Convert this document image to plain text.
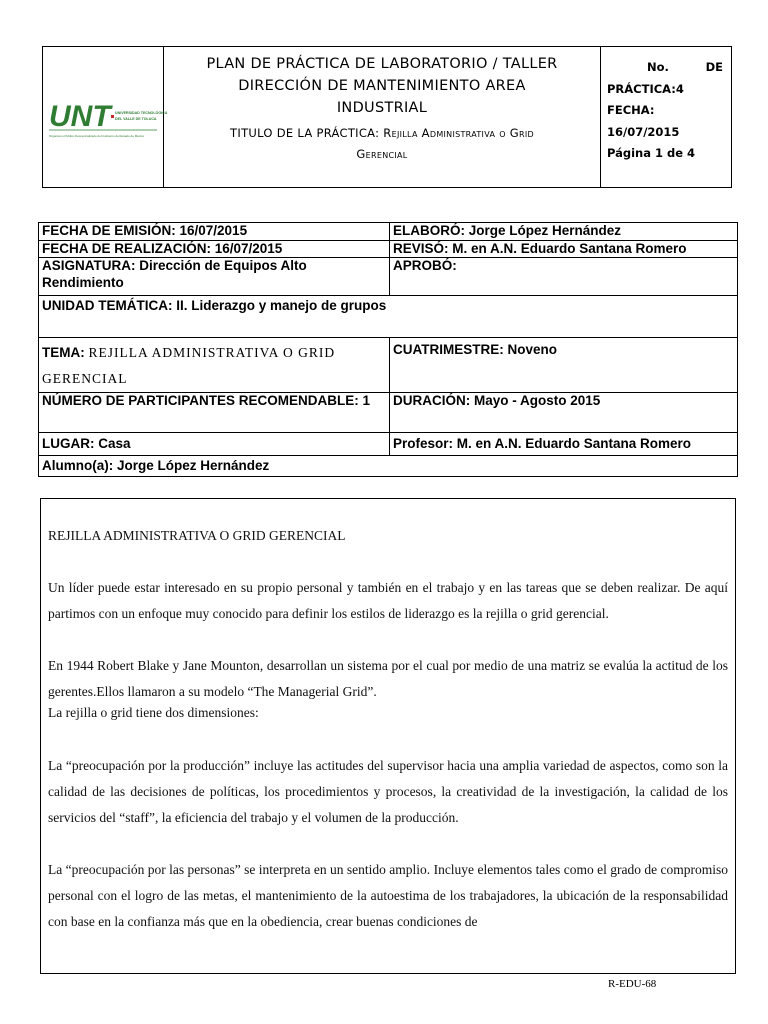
UNT	UNIVERSIDAD TECNOLÓGICA
DEL VALLE DE TOLUCA
Organismo Público Descentralizado del Gobierno del Estado de México
PLAN DE PRÁCTICA DE LABORATORIO / TALLER
DIRECCIÓN DE MANTENIMIENTO AREA
INDUSTRIAL
TITULO DE LA PRÁCTICA: Rejilla Administrativa o Grid
Gerencial
No.	DE
PRÁCTICA:4
FECHA:
16/07/2015
Página 1 de 4
FECHA DE EMISIÓN: 16/07/2015	ELABORÓ: Jorge López Hernández
FECHA DE REALIZACIÓN: 16/07/2015	REVISÓ: M. en A.N. Eduardo Santana Romero
ASIGNATURA: Dirección de Equipos Alto Rendimiento	APROBÓ:
UNIDAD TEMÁTICA: II. Liderazgo y manejo de grupos	
TEMA: REJILLA ADMINISTRATIVA O GRID GERENCIAL	CUATRIMESTRE: Noveno
NÚMERO DE PARTICIPANTES RECOMENDABLE: 1	DURACIÓN: Mayo - Agosto 2015
LUGAR: Casa	Profesor: M. en A.N. Eduardo Santana Romero
Alumno(a): Jorge López Hernández	
REJILLA ADMINISTRATIVA O GRID GERENCIAL

Un líder puede estar interesado en su propio personal y también en el trabajo y en las tareas que se deben realizar. De aquí partimos con un enfoque muy conocido para definir los estilos de liderazgo es la rejilla o grid gerencial.

En 1944 Robert Blake y Jane Mounton, desarrollan un sistema por el cual por medio de una matriz se evalúa la actitud de los gerentes.Ellos llamaron a su modelo “The Managerial Grid”.

La rejilla o grid tiene dos dimensiones:

La “preocupación por la producción” incluye las actitudes del supervisor hacia una amplia variedad de aspectos, como son la calidad de las decisiones de políticas, los procedimientos y procesos, la creatividad de la investigación, la calidad de los servicios del “staff”, la eficiencia del trabajo y el volumen de la producción.

La “preocupación por las personas” se interpreta en un sentido amplio. Incluye elementos tales como el grado de compromiso personal con el logro de las metas, el mantenimiento de la autoestima de los trabajadores, la ubicación de la responsabilidad con base en la confianza más que en la obediencia, crear buenas condiciones de

R-EDU-68
